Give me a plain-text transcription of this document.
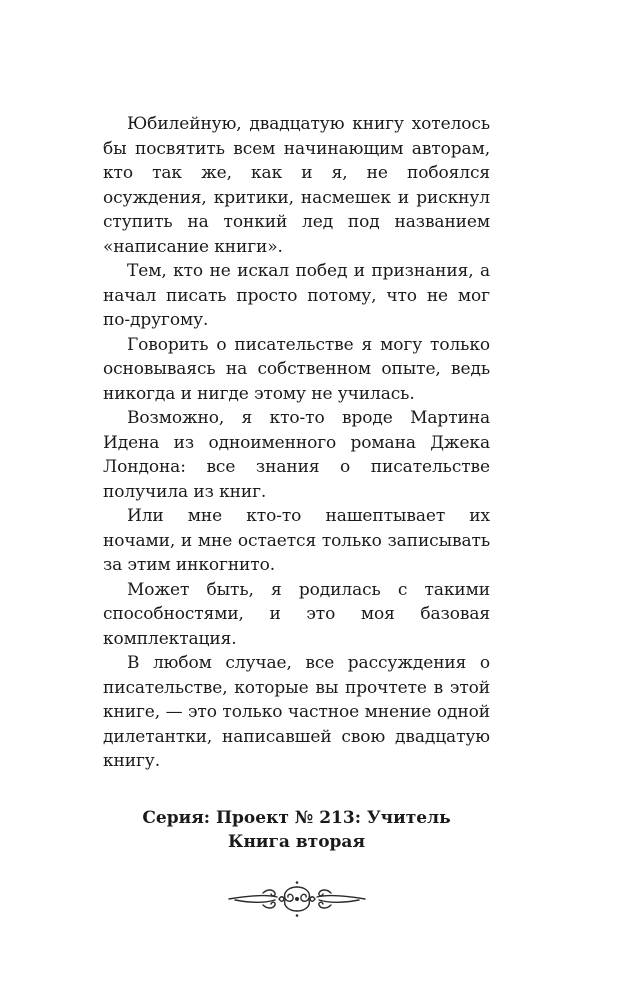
Юбилейную, двадцатую книгу хотелось бы посвятить всем начинающим авторам, кто так же, как и я, не побоялся осуждения, критики, насмешек и рискнул ступить на тонкий лед под названием «написание книги».

Тем, кто не искал побед и признания, а начал писать просто потому, что не мог по-другому.

Говорить о писательстве я могу только основываясь на собственном опыте, ведь никогда и нигде этому не училась.

Возможно, я кто-то вроде Мартина Идена из одноименного романа Джека Лондона: все знания о писательстве получила из книг.

Или мне кто-то нашептывает их ночами, и мне остается только записывать за этим инкогнито.

Может быть, я родилась с такими способностями, и это моя базовая комплектация.

В любом случае, все рассуждения о писательстве, которые вы прочтете в этой книге, — это только частное мнение одной дилетантки, написавшей свою двадцатую книгу.

Серия: Проект № 213: Учитель
Книга вторая
